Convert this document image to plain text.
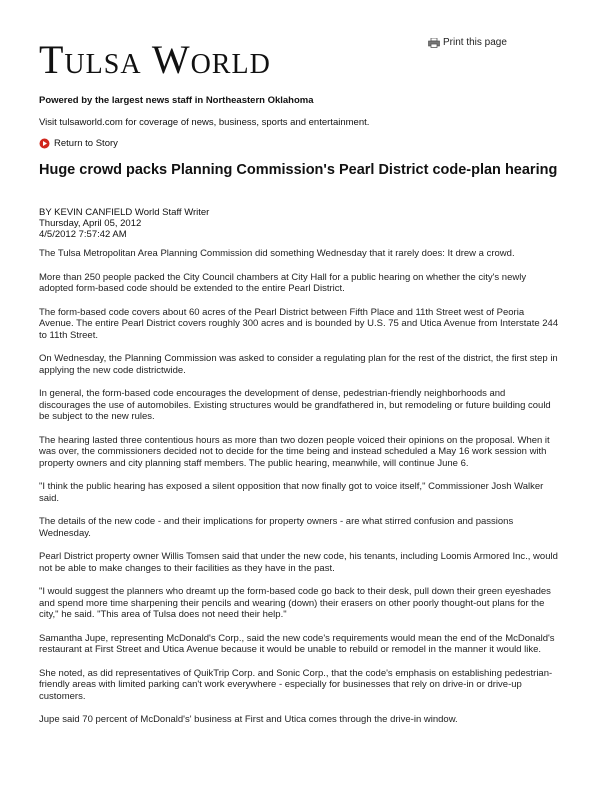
Tulsa World	Print this page
Powered by the largest news staff in Northeastern Oklahoma
Visit tulsaworld.com for coverage of news, business, sports and entertainment.
Return to Story
Huge crowd packs Planning Commission's Pearl District code-plan hearing
BY KEVIN CANFIELD World Staff Writer
Thursday, April 05, 2012
4/5/2012 7:57:42 AM

The Tulsa Metropolitan Area Planning Commission did something Wednesday that it rarely does: It drew a crowd.

More than 250 people packed the City Council chambers at City Hall for a public hearing on whether the city's newly adopted form-based code should be extended to the entire Pearl District.

The form-based code covers about 60 acres of the Pearl District between Fifth Place and 11th Street west of Peoria Avenue. The entire Pearl District covers roughly 300 acres and is bounded by U.S. 75 and Utica Avenue from Interstate 244 to 11th Street.

On Wednesday, the Planning Commission was asked to consider a regulating plan for the rest of the district, the first step in applying the new code districtwide.

In general, the form-based code encourages the development of dense, pedestrian-friendly neighborhoods and discourages the use of automobiles. Existing structures would be grandfathered in, but remodeling or future building could be subject to the new rules.

The hearing lasted three contentious hours as more than two dozen people voiced their opinions on the proposal. When it was over, the commissioners decided not to decide for the time being and instead scheduled a May 16 work session with property owners and city planning staff members. The public hearing, meanwhile, will continue June 6.

"I think the public hearing has exposed a silent opposition that now finally got to voice itself," Commissioner Josh Walker said.

The details of the new code - and their implications for property owners - are what stirred confusion and passions Wednesday.

Pearl District property owner Willis Tomsen said that under the new code, his tenants, including Loomis Armored Inc., would not be able to make changes to their facilities as they have in the past.

"I would suggest the planners who dreamt up the form-based code go back to their desk, pull down their green eyeshades and spend more time sharpening their pencils and wearing (down) their erasers on other poorly thought-out plans for the city," he said. "This area of Tulsa does not need their help."

Samantha Jupe, representing McDonald's Corp., said the new code's requirements would mean the end of the McDonald's restaurant at First Street and Utica Avenue because it would be unable to rebuild or remodel in the manner it would like.

She noted, as did representatives of QuikTrip Corp. and Sonic Corp., that the code's emphasis on establishing pedestrian-friendly areas with limited parking can't work everywhere - especially for businesses that rely on drive-in or drive-up customers.

Jupe said 70 percent of McDonald's' business at First and Utica comes through the drive-in window.
